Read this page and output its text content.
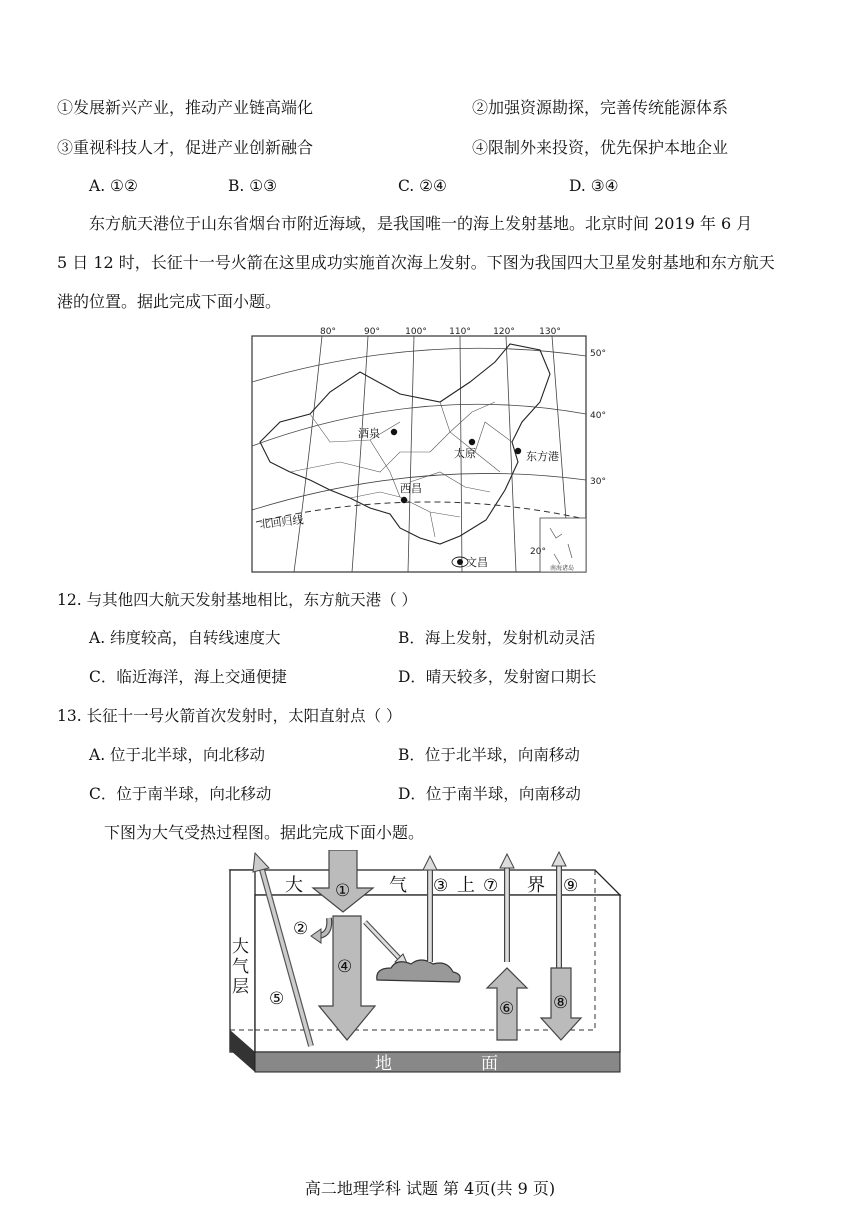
①发展新兴产业，推动产业链高端化	②加强资源勘探，完善传统能源体系
③重视科技人才，促进产业创新融合	④限制外来投资，优先保护本地企业
A. ①②	B. ①③	C. ②④	D. ③④
东方航天港位于山东省烟台市附近海域，是我国唯一的海上发射基地。北京时间 2019 年 6 月
5 日 12 时，长征十一号火箭在这里成功实施首次海上发射。下图为我国四大卫星发射基地和东方航天
港的位置。据此完成下面小题。
南海诸岛
80°	90°	100° 110° 120°	130°
50°
40°
30°
20°
酒泉
太原	东方港
西昌
文昌
北回归线
12. 与其他四大航天发射基地相比，东方航天港（ ）
A. 纬度较高，自转线速度大	B．海上发射，发射机动灵活
C．临近海洋，海上交通便捷	D．晴天较多，发射窗口期长
13. 长征十一号火箭首次发射时，太阳直射点（ ）
A. 位于北半球，向北移动	B．位于北半球，向南移动
C．位于南半球，向北移动	D．位于南半球，向南移动
下图为大气受热过程图。据此完成下面小题。
地	面
大	气	上	界
大 气 层
⑤
①
④
②
③ ⑦
⑥
⑨
⑧
高二地理学科 试题 第 4页(共 9 页)
